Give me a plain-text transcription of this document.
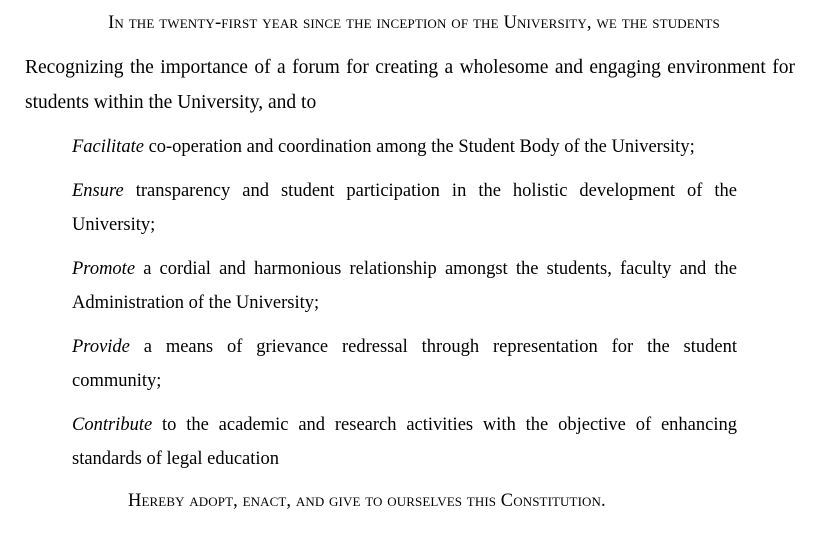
In the twenty-first year since the inception of the University, we the students
Recognizing the importance of a forum for creating a wholesome and engaging environment for students within the University, and to
Facilitate co-operation and coordination among the Student Body of the University;
Ensure transparency and student participation in the holistic development of the University;
Promote a cordial and harmonious relationship amongst the students, faculty and the Administration of the University;
Provide a means of grievance redressal through representation for the student community;
Contribute to the academic and research activities with the objective of enhancing standards of legal education
Hereby adopt, enact, and give to ourselves this Constitution.
